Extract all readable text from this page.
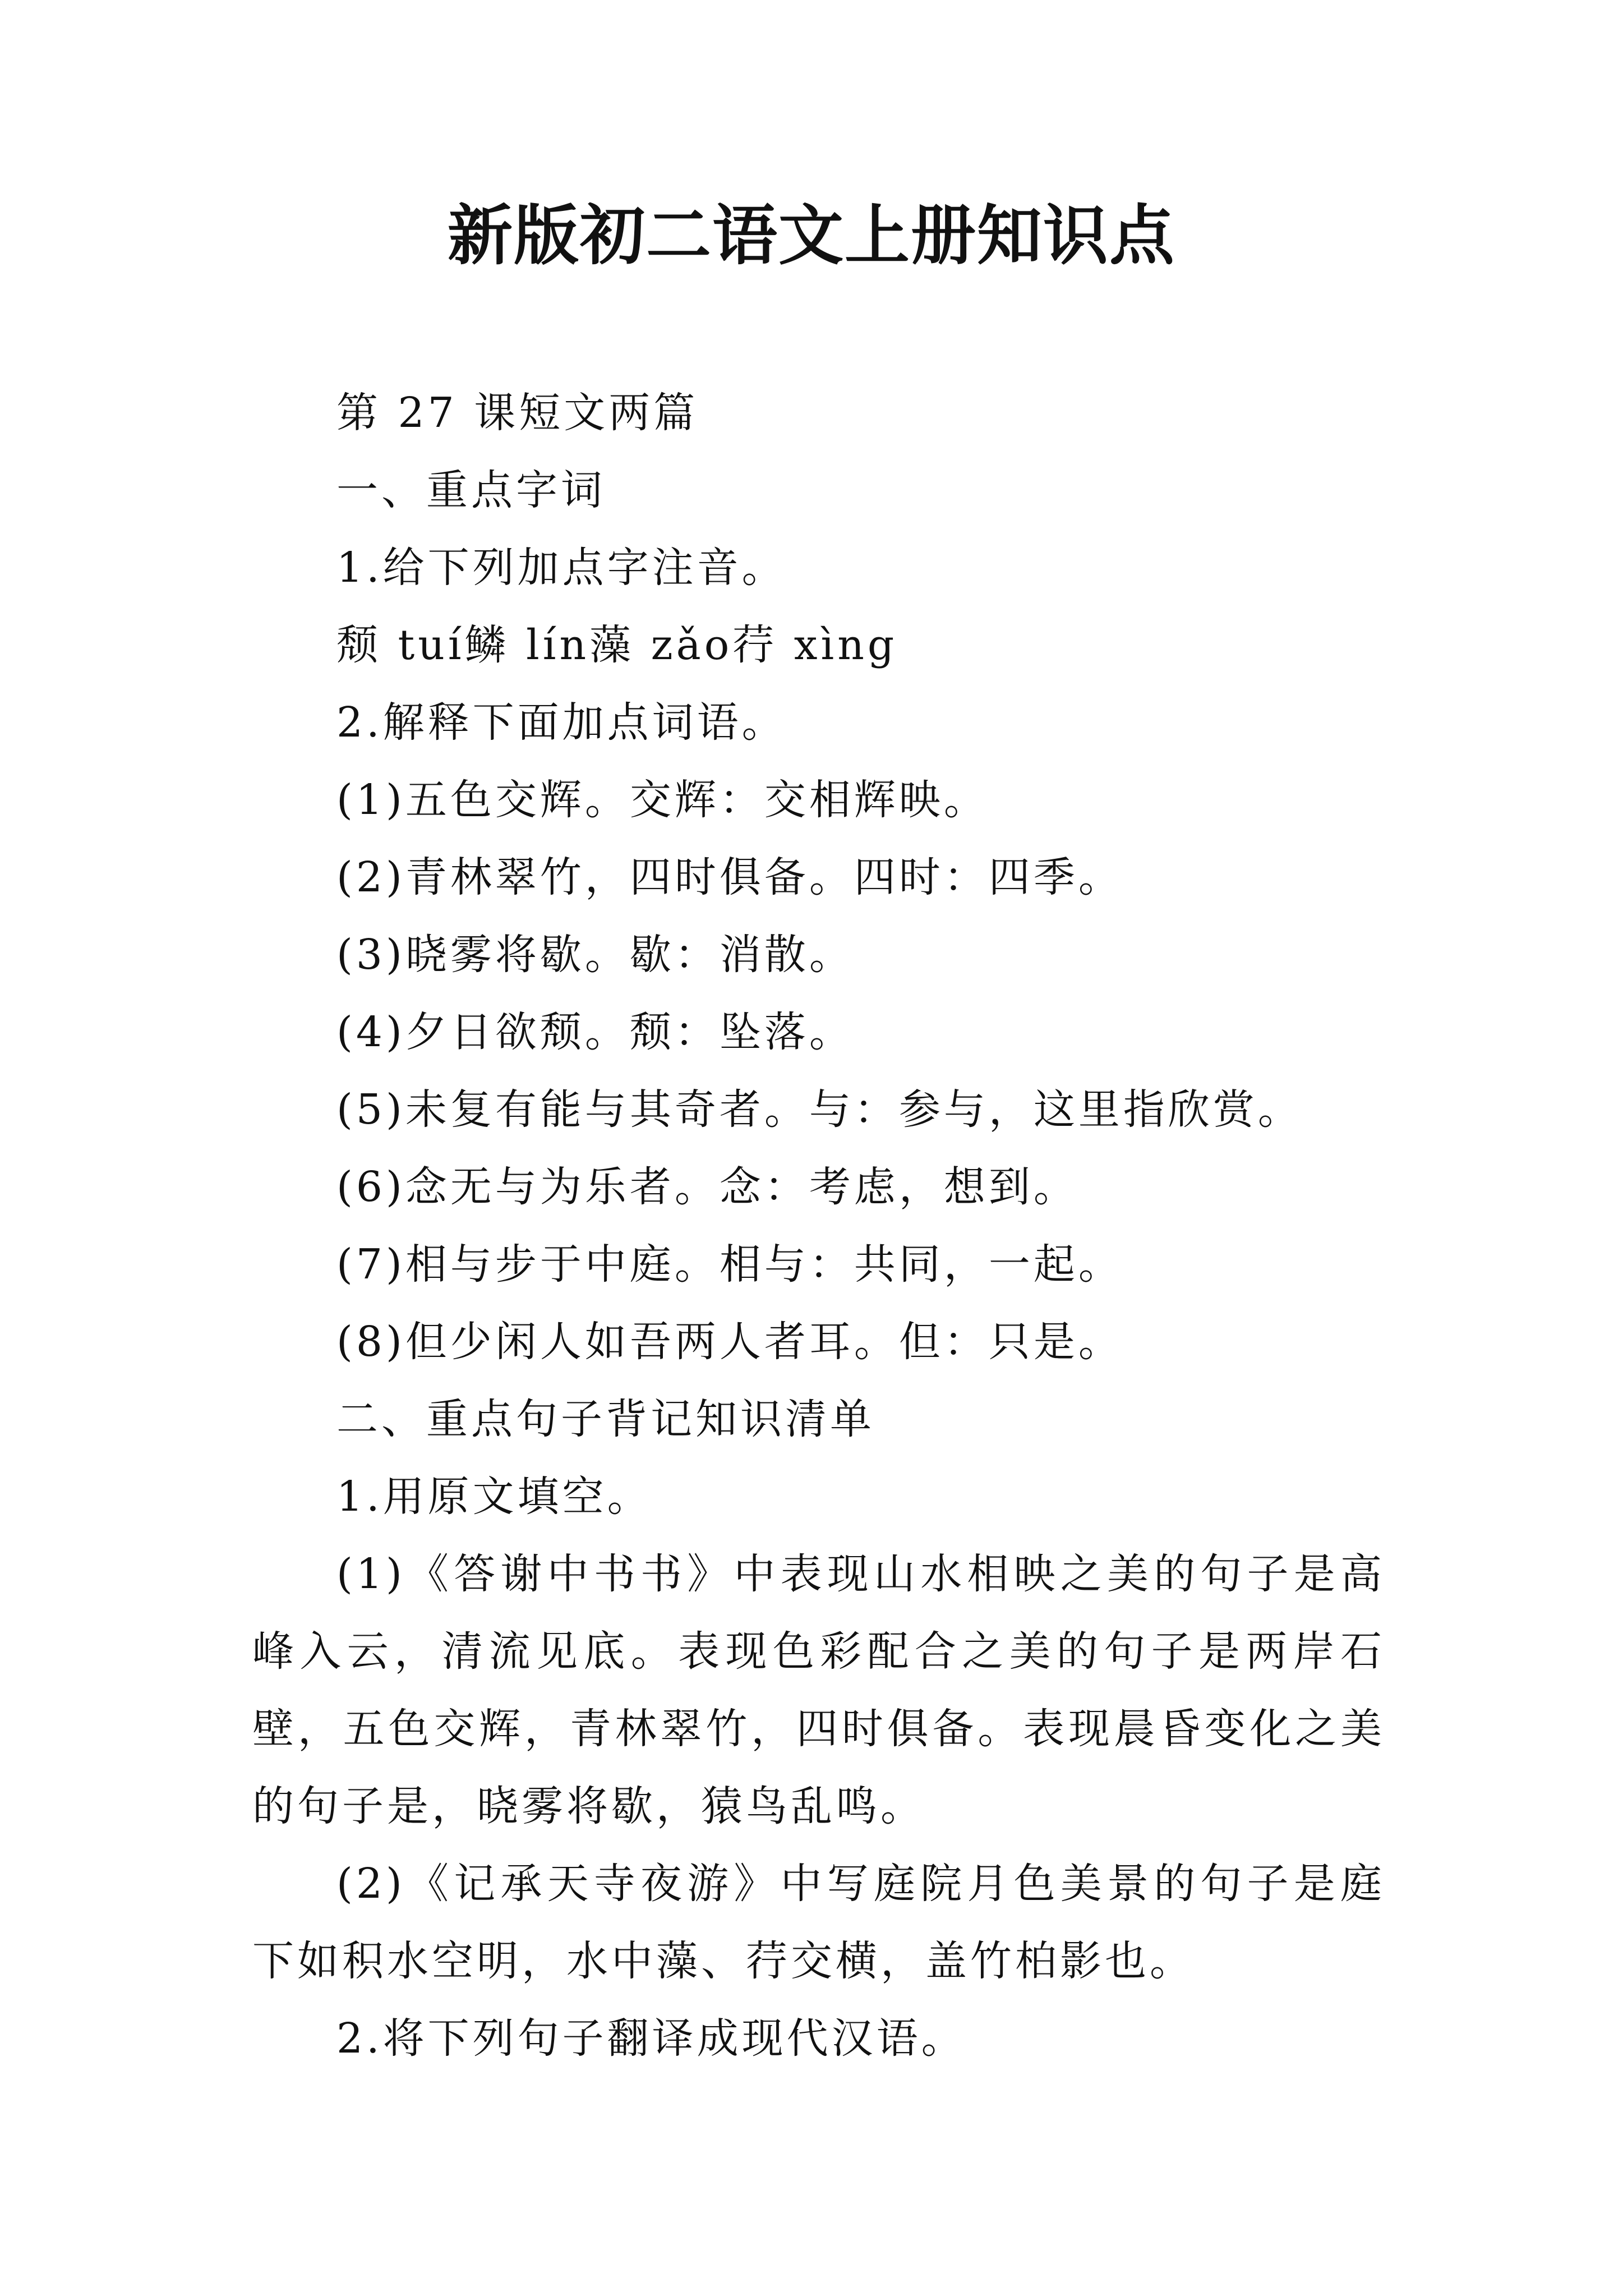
新版初二语文上册知识点
第 27 课短文两篇
一、重点字词
1.给下列加点字注音。
颓 tuí鳞 lín藻 zǎo荇 xìng
2.解释下面加点词语。
(1)五色交辉。交辉：交相辉映。
(2)青林翠竹，四时俱备。四时：四季。
(3)晓雾将歇。歇：消散。
(4)夕日欲颓。颓：坠落。
(5)未复有能与其奇者。与：参与，这里指欣赏。
(6)念无与为乐者。念：考虑，想到。
(7)相与步于中庭。相与：共同，一起。
(8)但少闲人如吾两人者耳。但：只是。
二、重点句子背记知识清单
1.用原文填空。

(1)《答谢中书书》中表现山水相映之美的句子是高峰入云，清流见底。表现色彩配合之美的句子是两岸石壁，五色交辉，青林翠竹，四时俱备。表现晨昏变化之美的句子是，晓雾将歇，猿鸟乱鸣。

(2)《记承天寺夜游》中写庭院月色美景的句子是庭下如积水空明，水中藻、荇交横，盖竹柏影也。

2.将下列句子翻译成现代汉语。
